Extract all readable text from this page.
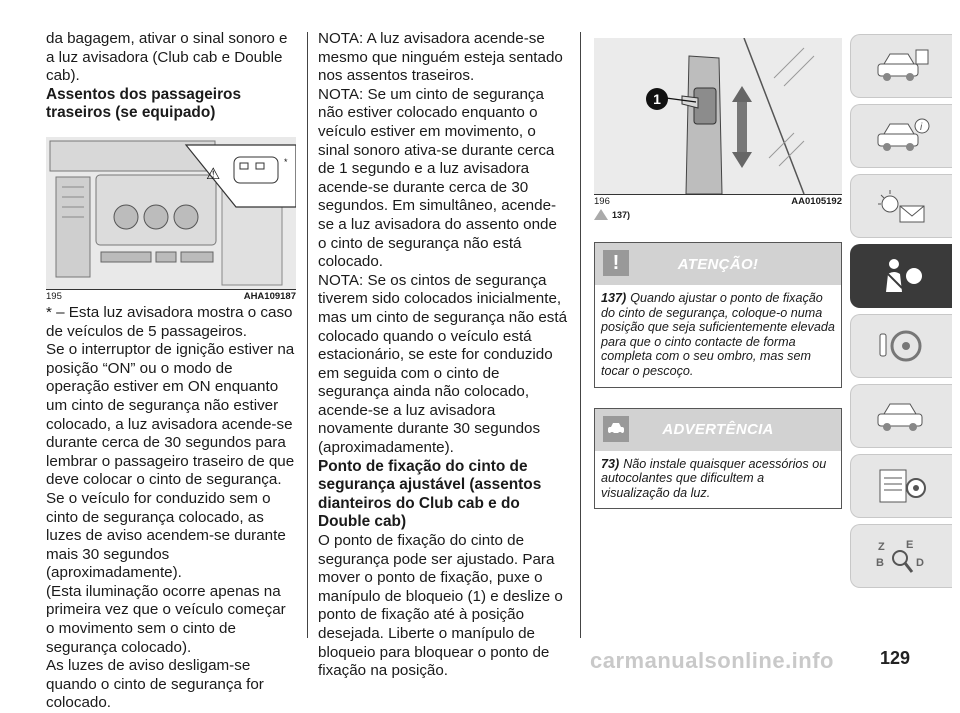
da bagagem, ativar o sinal sonoro e a luz avisadora (Club cab e Double cab).

Assentos dos passageiros traseiros (se equipado)
⚠
*
195	AHA109187

* – Esta luz avisadora mostra o caso de veículos de 5 passageiros.

Se o interruptor de ignição estiver na posição “ON” ou o modo de operação estiver em ON enquanto um cinto de segurança não estiver colocado, a luz avisadora acende-se durante cerca de 30 segundos para lembrar o passageiro traseiro de que deve colocar o cinto de segurança.

Se o veículo for conduzido sem o cinto de segurança colocado, as luzes de aviso acendem-se durante mais 30 segundos (aproximadamente).

(Esta iluminação ocorre apenas na primeira vez que o veículo começar o movimento sem o cinto de segurança colocado).

As luzes de aviso desligam-se quando o cinto de segurança for colocado.

NOTA: A luz avisadora acende-se mesmo que ninguém esteja sentado nos assentos traseiros.

NOTA: Se um cinto de segurança não estiver colocado enquanto o veículo estiver em movimento, o sinal sonoro ativa-se durante cerca de 1 segundo e a luz avisadora acende-se durante cerca de 30 segundos. Em simultâneo, acende-se a luz avisadora do assento onde o cinto de segurança não está colocado.

NOTA: Se os cintos de segurança tiverem sido colocados inicialmente, mas um cinto de segurança não está colocado quando o veículo está estacionário, se este for conduzido em seguida com o cinto de segurança ainda não colocado, acende-se a luz avisadora novamente durante 30 segundos (aproximadamente).

Ponto de fixação do cinto de segurança ajustável (assentos dianteiros do Club cab e do Double cab)

O ponto de fixação do cinto de segurança pode ser ajustado. Para mover o ponto de fixação, puxe o manípulo de bloqueio (1) e deslize o ponto de fixação até à posição desejada. Liberte o manípulo de bloqueio para bloquear o ponto de fixação na posição.

1
196	AA0105192
137)
!	ATENÇÃO!
137) Quando ajustar o ponto de fixação do cinto de segurança, coloque-o numa posição que seja suficientemente elevada para que o cinto contacte de forma completa com o seu ombro, mas sem tocar o pescoço.
ADVERTÊNCIA
73) Não instale quaisquer acessórios ou autocolantes que dificultem a visualização da luz.
i
Z E
B	D
carmanualsonline.info	129
